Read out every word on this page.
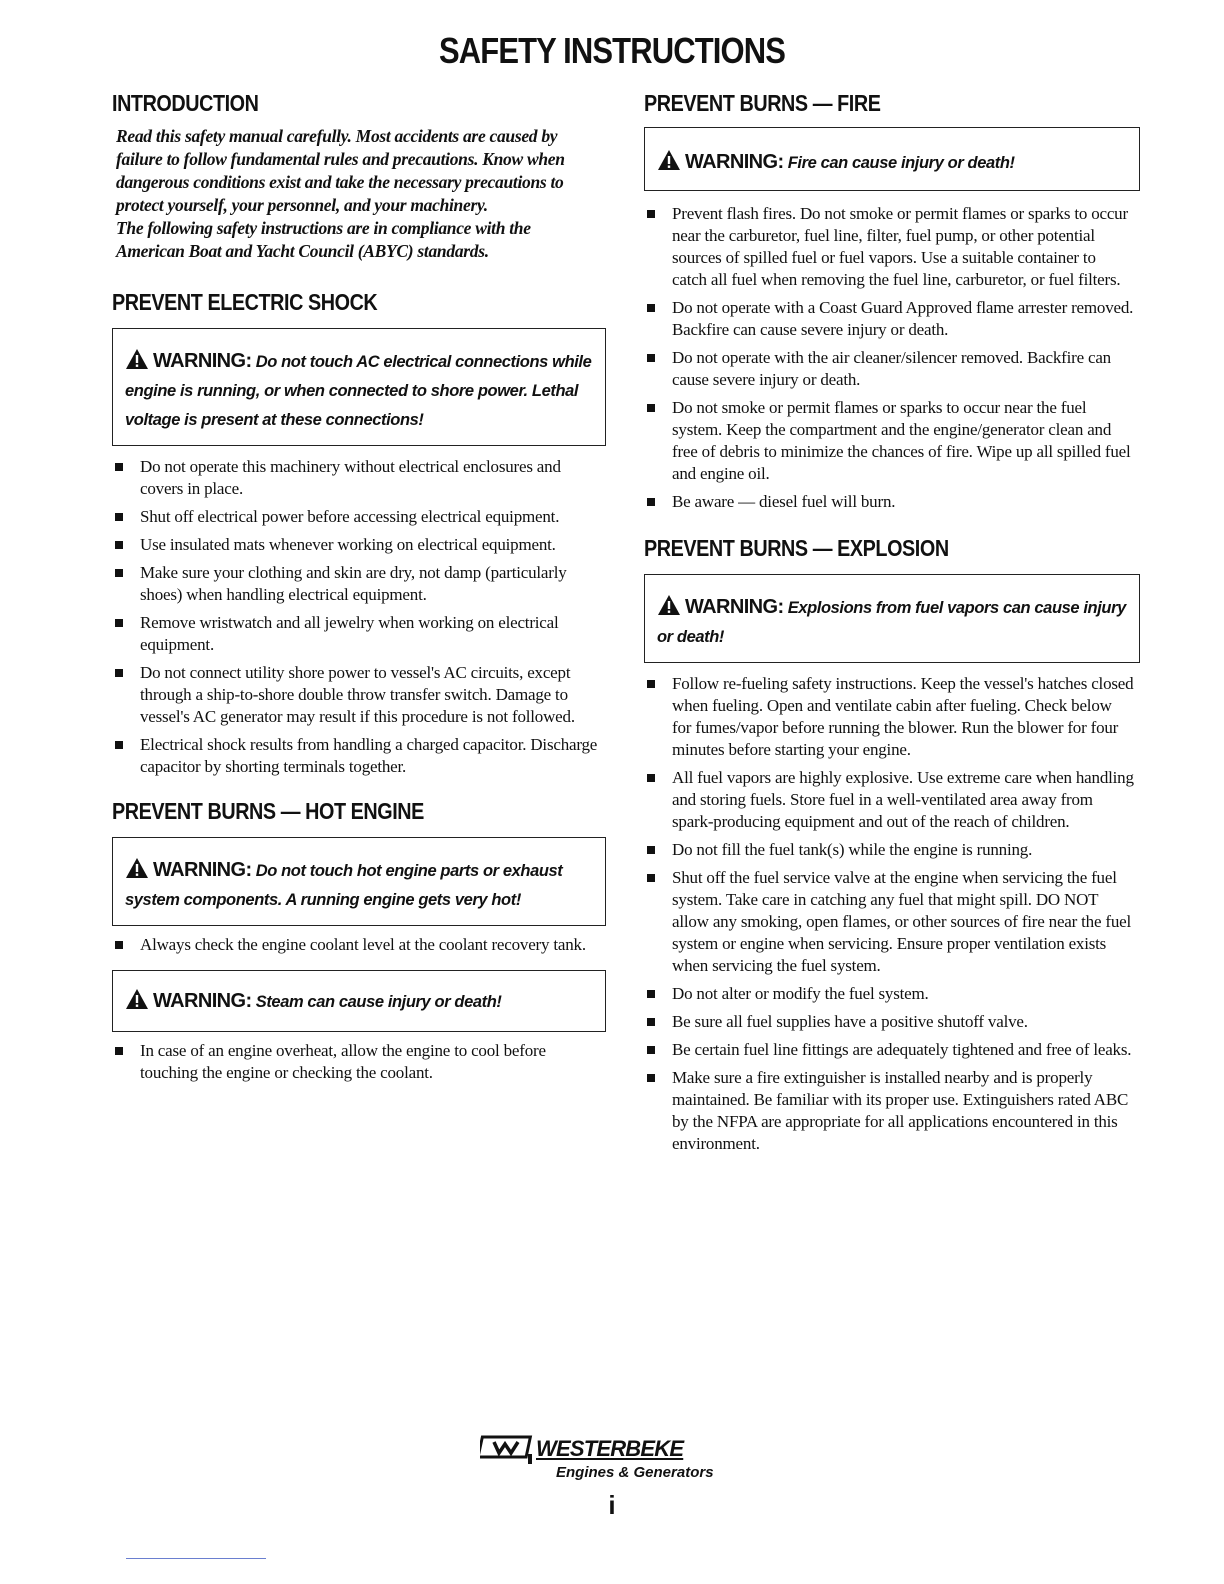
SAFETY INSTRUCTIONS
INTRODUCTION

Read this safety manual carefully. Most accidents are caused by failure to follow fundamental rules and precautions. Know when dangerous conditions exist and take the necessary precautions to protect yourself, your personnel, and your machinery.

The following safety instructions are in compliance with the American Boat and Yacht Council (ABYC) standards.

PREVENT ELECTRIC SHOCK
WARNING: Do not touch AC electrical connections while engine is running, or when connected to shore power. Lethal voltage is present at these connections!
Do not operate this machinery without electrical enclosures and covers in place.
Shut off electrical power before accessing electrical equipment.
Use insulated mats whenever working on electrical equipment.
Make sure your clothing and skin are dry, not damp (particularly shoes) when handling electrical equipment.
Remove wristwatch and all jewelry when working on electrical equipment.
Do not connect utility shore power to vessel's AC circuits, except through a ship-to-shore double throw transfer switch. Damage to vessel's AC generator may result if this procedure is not followed.
Electrical shock results from handling a charged capacitor. Discharge capacitor by shorting terminals together.
PREVENT BURNS — HOT ENGINE
WARNING: Do not touch hot engine parts or exhaust system components. A running engine gets very hot!
Always check the engine coolant level at the coolant recovery tank.
WARNING: Steam can cause injury or death!
In case of an engine overheat, allow the engine to cool before touching the engine or checking the coolant.
PREVENT BURNS — FIRE
WARNING: Fire can cause injury or death!
Prevent flash fires. Do not smoke or permit flames or sparks to occur near the carburetor, fuel line, filter, fuel pump, or other potential sources of spilled fuel or fuel vapors. Use a suitable container to catch all fuel when removing the fuel line, carburetor, or fuel filters.
Do not operate with a Coast Guard Approved flame arrester removed. Backfire can cause severe injury or death.
Do not operate with the air cleaner/silencer removed. Backfire can cause severe injury or death.
Do not smoke or permit flames or sparks to occur near the fuel system. Keep the compartment and the engine/generator clean and free of debris to minimize the chances of fire. Wipe up all spilled fuel and engine oil.
Be aware — diesel fuel will burn.
PREVENT BURNS — EXPLOSION
WARNING: Explosions from fuel vapors can cause injury or death!
Follow re-fueling safety instructions. Keep the vessel's hatches closed when fueling. Open and ventilate cabin after fueling. Check below for fumes/vapor before running the blower. Run the blower for four minutes before starting your engine.
All fuel vapors are highly explosive. Use extreme care when handling and storing fuels. Store fuel in a well-ventilated area away from spark-producing equipment and out of the reach of children.
Do not fill the fuel tank(s) while the engine is running.
Shut off the fuel service valve at the engine when servicing the fuel system. Take care in catching any fuel that might spill. DO NOT allow any smoking, open flames, or other sources of fire near the fuel system or engine when servicing. Ensure proper ventilation exists when servicing the fuel system.
Do not alter or modify the fuel system.
Be sure all fuel supplies have a positive shutoff valve.
Be certain fuel line fittings are adequately tightened and free of leaks.
Make sure a fire extinguisher is installed nearby and is properly maintained. Be familiar with its proper use. Extinguishers rated ABC by the NFPA are appropriate for all applications encountered in this environment.
WESTERBEKE
Engines & Generators
i
